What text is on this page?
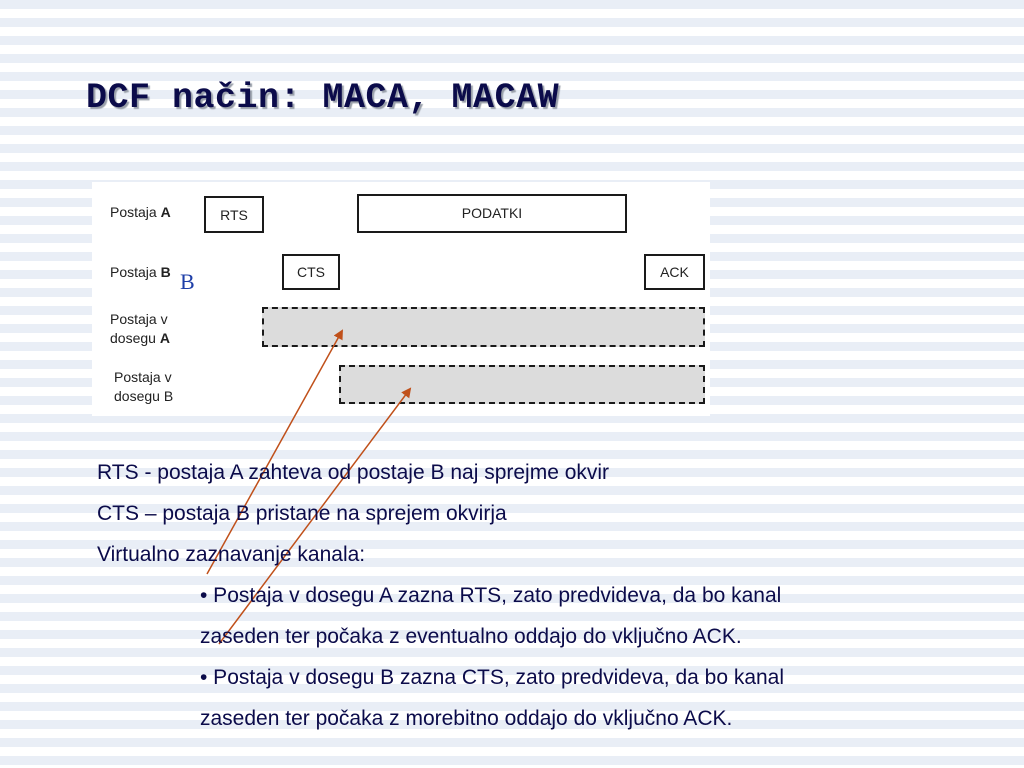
DCF način: MACA, MACAW
Postaja A
Postaja B
Postaja v
dosegu A
Postaja v
dosegu B
RTS	PODATKI
CTS	ACK
B
RTS - postaja A zahteva od postaje B naj sprejme okvir
CTS – postaja B pristane na sprejem okvirja
Virtualno zaznavanje kanala:
• Postaja v dosegu A zazna RTS, zato predvideva, da bo kanal
zaseden ter počaka z eventualno oddajo do vključno ACK.
• Postaja v dosegu B zazna CTS, zato predvideva, da bo kanal
zaseden ter počaka z morebitno oddajo do vključno ACK.
